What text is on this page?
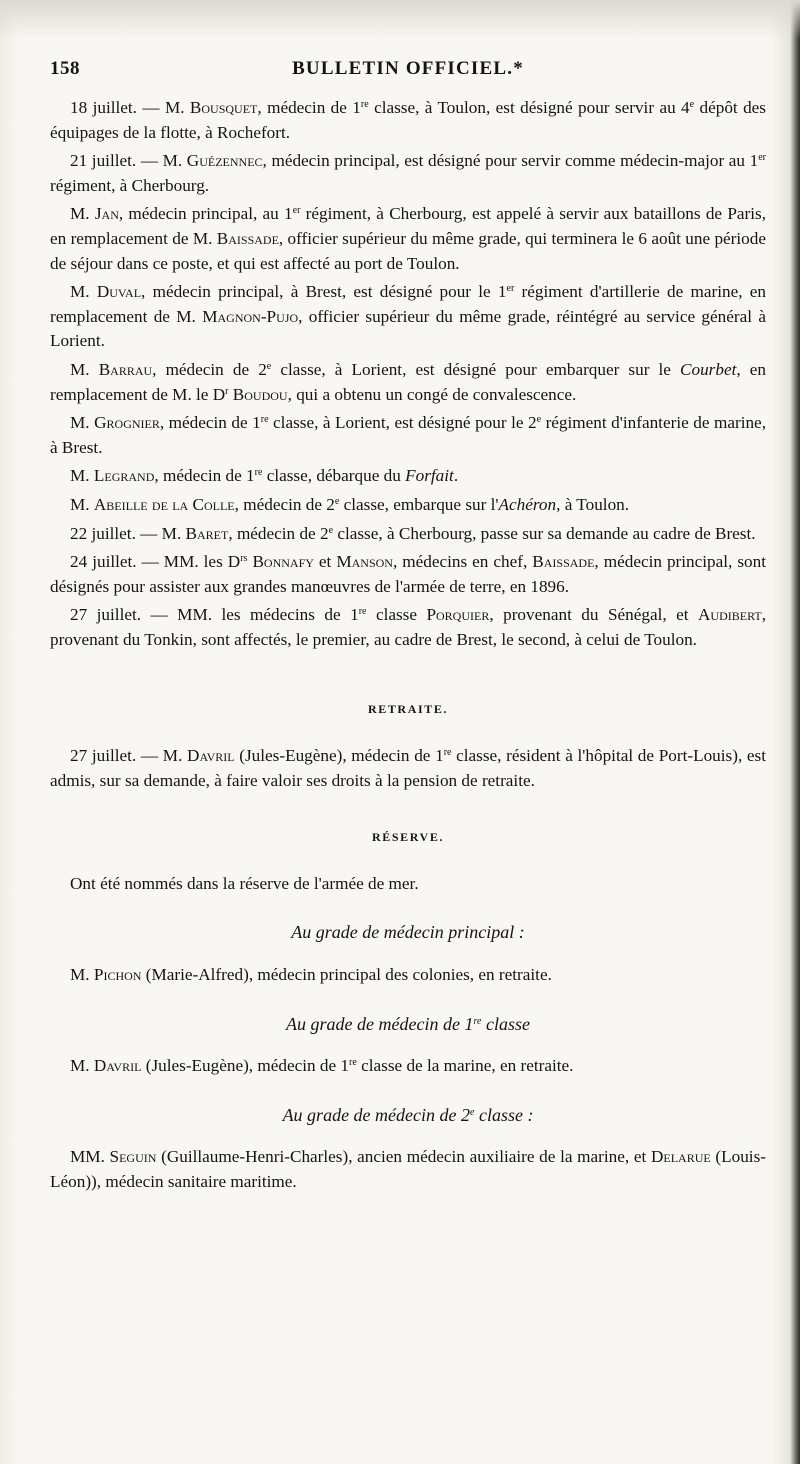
158	BULLETIN OFFICIEL.*

18 juillet. — M. Bousquet, médecin de 1re classe, à Toulon, est désigné pour servir au 4e dépôt des équipages de la flotte, à Rochefort.

21 juillet. — M. Guézennec, médecin principal, est désigné pour servir comme médecin-major au 1er régiment, à Cherbourg.

M. Jan, médecin principal, au 1er régiment, à Cherbourg, est appelé à servir aux bataillons de Paris, en remplacement de M. Baissade, officier supérieur du même grade, qui terminera le 6 août une période de séjour dans ce poste, et qui est affecté au port de Toulon.

M. Duval, médecin principal, à Brest, est désigné pour le 1er régiment d'artillerie de marine, en remplacement de M. Magnon-Pujo, officier supérieur du même grade, réintégré au service général à Lorient.

M. Barrau, médecin de 2e classe, à Lorient, est désigné pour embarquer sur le Courbet, en remplacement de M. le $D^r$ Boudou, qui a obtenu un congé de convalescence.

M. Grognier, médecin de 1re classe, à Lorient, est désigné pour le 2e régiment d'infanterie de marine, à Brest.

M. Legrand, médecin de 1re classe, débarque du Forfait.

M. Abeille de la Colle, médecin de 2e classe, embarque sur l'Achéron, à Toulon.

22 juillet. — M. Baret, médecin de 2e classe, à Cherbourg, passe sur sa demande au cadre de Brest.

24 juillet. — MM. les $D^{rs}$ Bonnafy et Manson, médecins en chef, Baissade, médecin principal, sont désignés pour assister aux grandes manœuvres de l'armée de terre, en 1896.

27 juillet. — MM. les médecins de 1re classe Porquier, provenant du Sénégal, et Audibert, provenant du Tonkin, sont affectés, le premier, au cadre de Brest, le second, à celui de Toulon.

RETRAITE.

27 juillet. — M. Davril (Jules-Eugène), médecin de 1re classe, résident à l'hôpital de Port-Louis), est admis, sur sa demande, à faire valoir ses droits à la pension de retraite.

RÉSERVE.

Ont été nommés dans la réserve de l'armée de mer.

Au grade de médecin principal :

M. Pichon (Marie-Alfred), médecin principal des colonies, en retraite.

Au grade de médecin de 1re classe

M. Davril (Jules-Eugène), médecin de 1re classe de la marine, en retraite.

Au grade de médecin de 2e classe :

MM. Seguin (Guillaume-Henri-Charles), ancien médecin auxiliaire de la marine, et Delarue (Louis-Léon)), médecin sanitaire maritime.
